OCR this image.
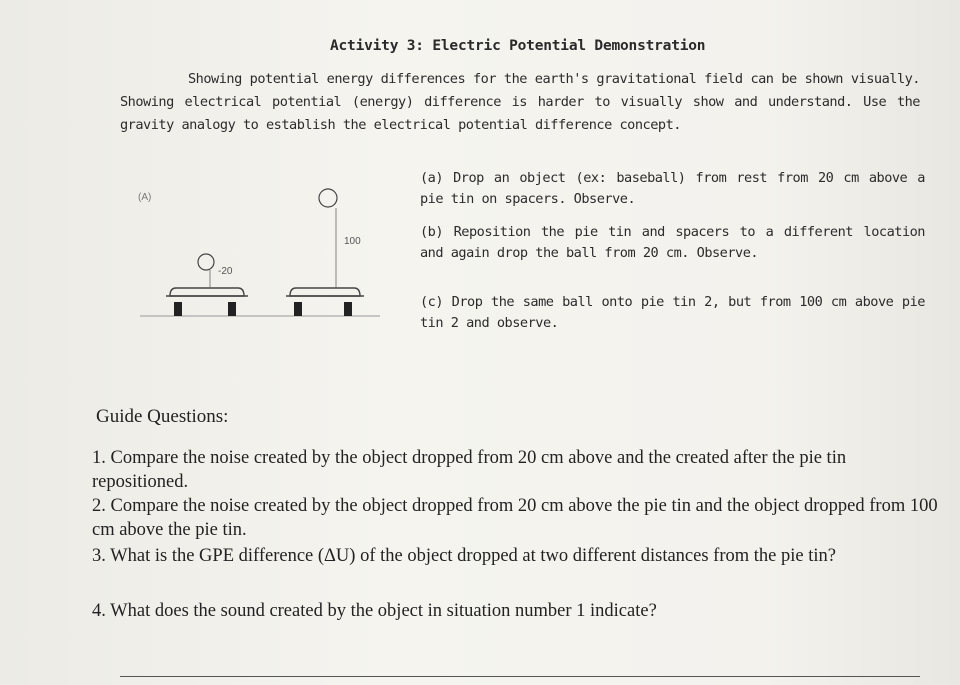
Activity 3: Electric Potential Demonstration
Showing potential energy differences for the earth's gravitational field can be shown visually. Showing electrical potential (energy) difference is harder to visually show and understand. Use the gravity analogy to establish the electrical potential difference concept.
(A)
-20
100
(a) Drop an object (ex: baseball) from rest from 20 cm above a pie tin on spacers. Observe.
(b) Reposition the pie tin and spacers to a different location and again drop the ball from 20 cm. Observe.
(c) Drop the same ball onto pie tin 2, but from 100 cm above pie tin 2 and observe.
Guide Questions:
1. Compare the noise created by the object dropped from 20 cm above and the created after the pie tin repositioned.
2. Compare the noise created by the object dropped from 20 cm above the pie tin and the object dropped from 100 cm above the pie tin.
3. What is the GPE difference (ΔU) of the object dropped at two different distances from the pie tin?
4. What does the sound created by the object in situation number 1 indicate?
